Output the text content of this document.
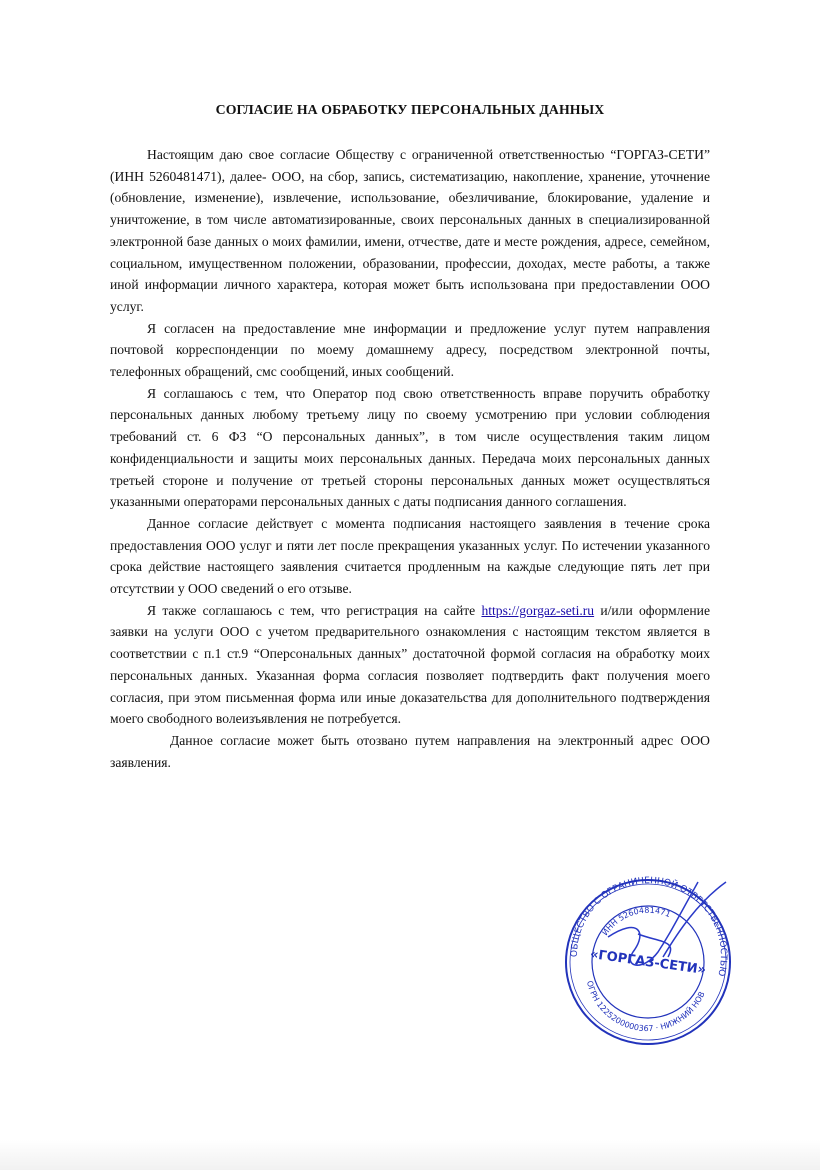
СОГЛАСИЕ НА ОБРАБОТКУ ПЕРСОНАЛЬНЫХ ДАННЫХ

Настоящим даю свое согласие Обществу с ограниченной ответственностью “ГОРГАЗ-СЕТИ” (ИНН 5260481471), далее- ООО, на сбор, запись, систематизацию, накопление, хранение, уточнение (обновление, изменение), извлечение, использование, обезличивание, блокирование, удаление и уничтожение, в том числе автоматизированные, своих персональных данных в специализированной электронной базе данных о моих фамилии, имени, отчестве, дате и месте рождения, адресе, семейном, социальном, имущественном положении, образовании, профессии, доходах, месте работы, а также иной информации личного характера, которая может быть использована при предоставлении ООО услуг.

Я согласен на предоставление мне информации и предложение услуг путем направления почтовой корреспонденции по моему домашнему адресу, посредством электронной почты, телефонных обращений, смс сообщений, иных сообщений.

Я соглашаюсь с тем, что Оператор под свою ответственность вправе поручить обработку персональных данных любому третьему лицу по своему усмотрению при условии соблюдения требований ст. 6 ФЗ “О персональных данных”, в том числе осуществления таким лицом конфиденциальности и защиты моих персональных данных. Передача моих персональных данных третьей стороне и получение от третьей стороны персональных данных может осуществляться указанными операторами персональных данных с даты подписания данного соглашения.

Данное согласие действует с момента подписания настоящего заявления в течение срока предоставления ООО услуг и пяти лет после прекращения указанных услуг. По истечении указанного срока действие настоящего заявления считается продленным на каждые следующие пять лет при отсутствии у ООО сведений о его отзыве.

Я также соглашаюсь с тем, что регистрация на сайте https://gorgaz-seti.ru и/или оформление заявки на услуги ООО с учетом предварительного ознакомления с настоящим текстом является в соответствии с п.1 ст.9 “Оперсональных данных” достаточной формой согласия на обработку моих персональных данных. Указанная форма согласия позволяет подтвердить факт получения моего согласия, при этом письменная форма или иные доказательства для дополнительного подтверждения моего свободного волеизъявления не потребуется.

Данное согласие может быть отозвано путем направления на электронный адрес ООО заявления.

ОБЩЕСТВО С ОГРАНИЧЕННОЙ ОТВЕТСТВЕННОСТЬЮ
ИНН 5260481471
ОГРН 1225200000367 · НИЖНИЙ НОВГОРОД
«ГОРГАЗ-СЕТИ»
